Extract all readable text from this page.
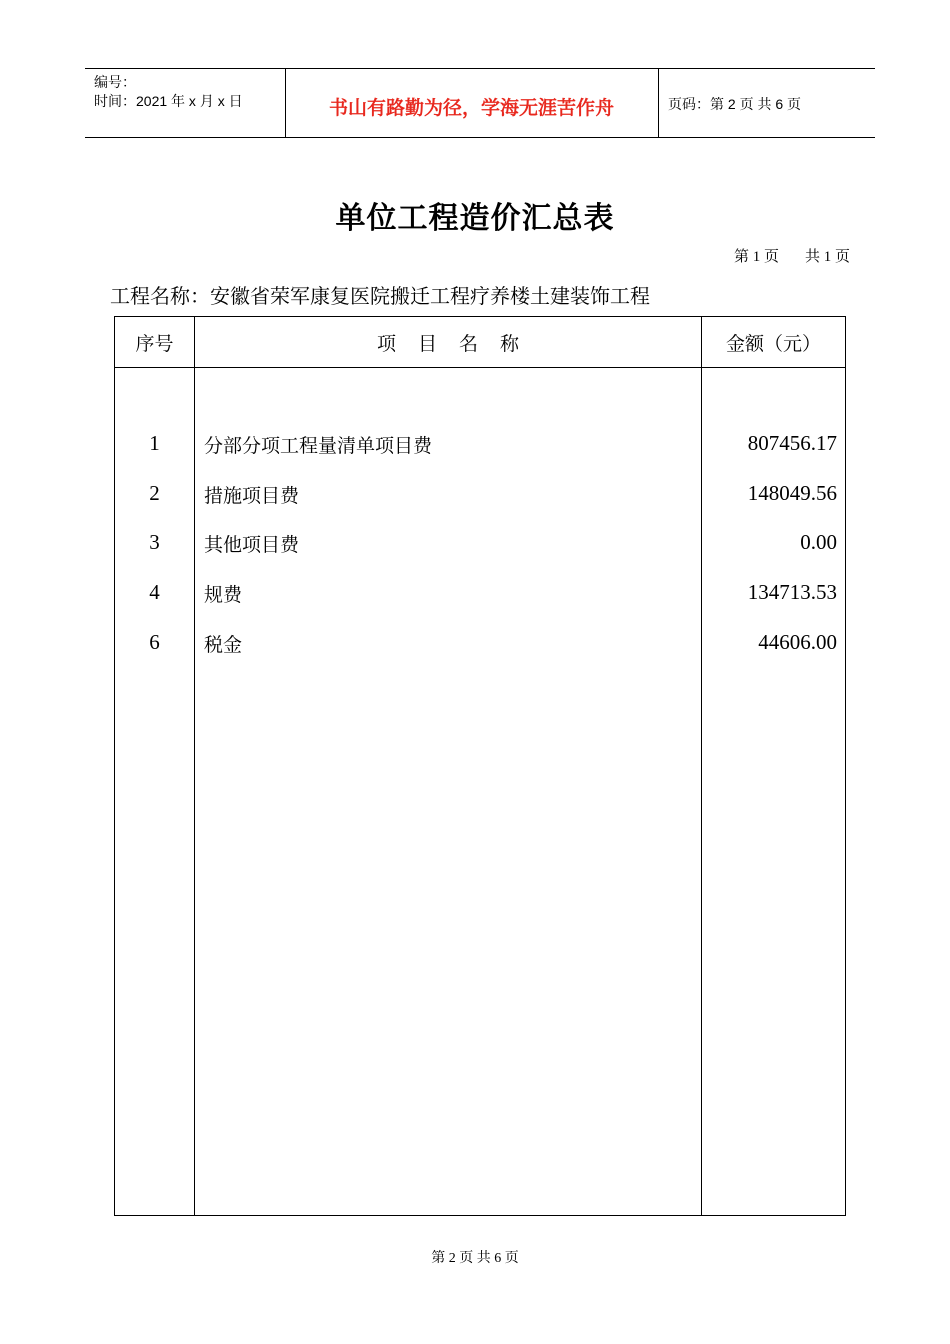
编号：
时间：2021 年 x 月 x 日	书山有路勤为径，学海无涯苦作舟	页码：第 2 页 共 6 页
单位工程造价汇总表
第 1 页 共 1 页
工程名称：安徽省荣军康复医院搬迁工程疗养楼土建装饰工程
序号	项目名称	金额（元）
1	分部分项工程量清单项目费	807456.17
2	措施项目费	148049.56
3	其他项目费	0.00
4	规费	134713.53
6	税金	44606.00
第 2 页 共 6 页
